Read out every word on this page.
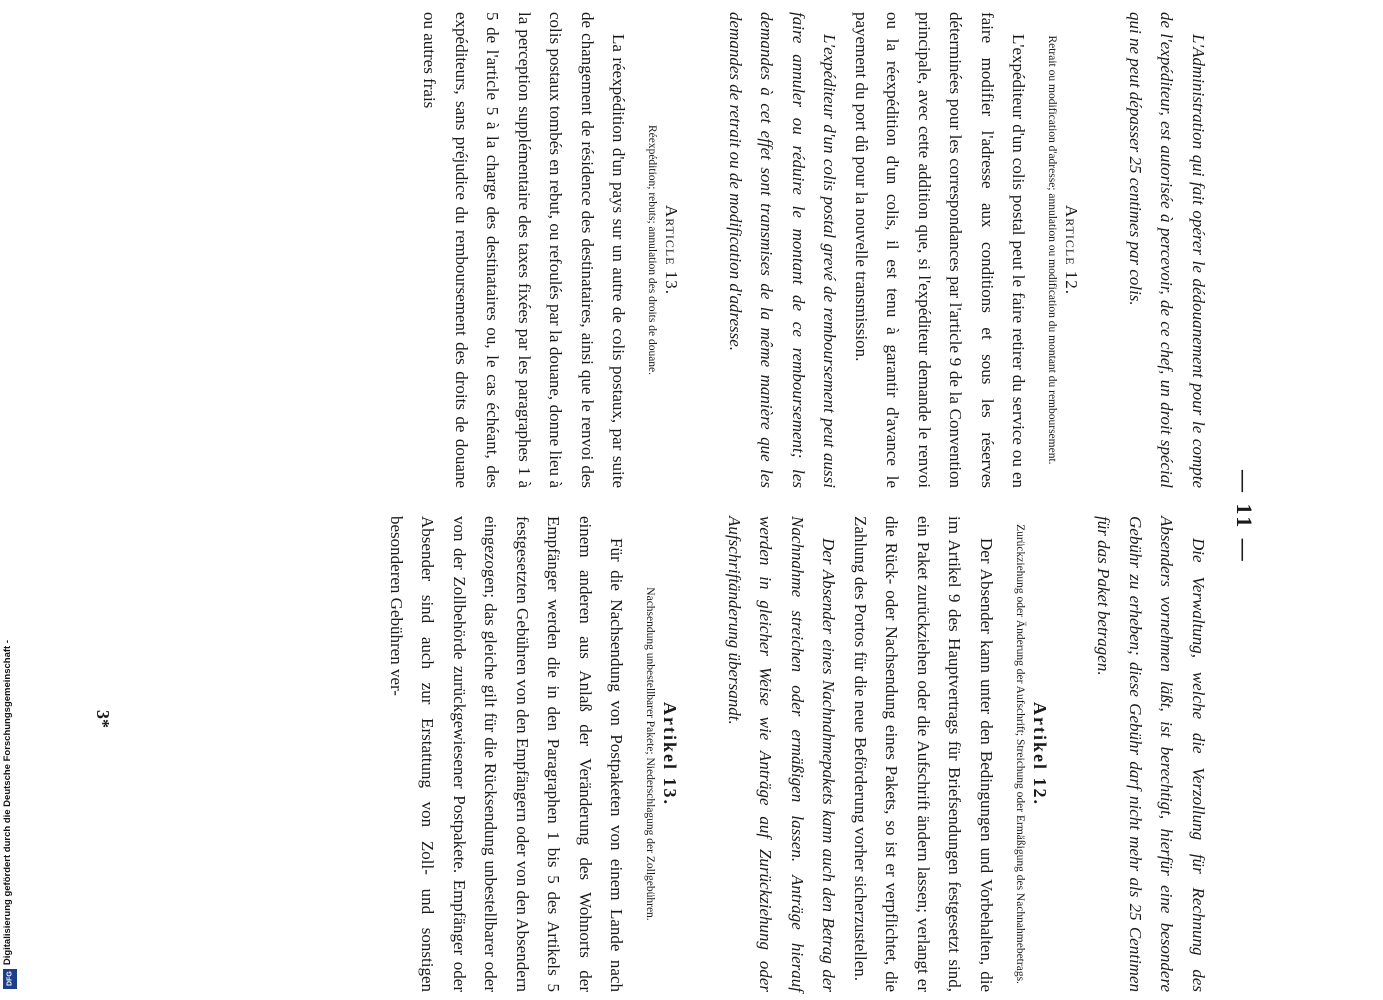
— 11 —

L'Administration qui fait opérer le dédouanement pour le compte de l'expéditeur, est autorisée à percevoir, de ce chef, un droit spécial qui ne peut dépasser 25 centimes par colis.

Article 12.
Retrait ou modification d'adresse; annulation ou modification du montant du remboursement.

L'expéditeur d'un colis postal peut le faire retirer du service ou en faire modifier l'adresse aux conditions et sous les réserves déterminées pour les correspondances par l'article 9 de la Convention principale, avec cette addition que, si l'expéditeur demande le renvoi ou la réexpédition d'un colis, il est tenu à garantir d'avance le payement du port dû pour la nouvelle transmission.

L'expéditeur d'un colis postal grevé de remboursement peut aussi faire annuler ou réduire le montant de ce remboursement; les demandes à cet effet sont transmises de la même manière que les demandes de retrait ou de modification d'adresse.

Article 13.
Réexpédition; rebuts; annulation des droits de douane.

La réexpédition d'un pays sur un autre de colis postaux, par suite de changement de résidence des destinataires, ainsi que le renvoi des colis postaux tombés en rebut, ou refoulés par la douane, donne lieu à la perception supplémentaire des taxes fixées par les paragraphes 1 à 5 de l'article 5 à la charge des destinataires ou, le cas échéant, des expéditeurs, sans préjudice du remboursement des droits de douane ou autres frais

Die Verwaltung, welche die Verzollung für Rechnung des Absenders vornehmen läßt, ist berechtigt, hierfür eine besondere Gebühr zu erheben; diese Gebühr darf nicht mehr als 25 Centimen für das Paket betragen.

Artikel 12.
Zurückziehung oder Änderung der Aufschrift; Streichung oder Ermäßigung des Nachnahmebetrags.

Der Absender kann unter den Bedingungen und Vorbehalten, die im Artikel 9 des Hauptvertrags für Briefsendungen festgesetzt sind, ein Paket zurückziehen oder die Aufschrift ändern lassen; verlangt er die Rück- oder Nachsendung eines Pakets, so ist er verpflichtet, die Zahlung des Portos für die neue Beförderung vorher sicherzustellen.

Der Absender eines Nachnahmepakets kann auch den Betrag der Nachnahme streichen oder ermäßigen lassen. Anträge hierauf werden in gleicher Weise wie Anträge auf Zurückziehung oder Aufschriftänderung übersandt.

Artikel 13.
Nachsendung unbestellbarer Pakete; Niederschlagung der Zollgebühren.

Für die Nachsendung von Postpaketen von einem Lande nach einem anderen aus Anlaß der Veränderung des Wohnorts der Empfänger werden die in den Paragraphen 1 bis 5 des Artikels 5 festgesetzten Gebühren von den Empfängern oder von den Absendern eingezogen; das gleiche gilt für die Rücksendung unbestellbarer oder von der Zollbehörde zurückgewiesener Postpakete. Empfänger oder Absender sind auch zur Erstattung von Zoll- und sonstigen besonderen Gebühren ver-

3*
Digitalisierung gefördert durch die Deutsche Forschungsgemeinschaft -
DFG
